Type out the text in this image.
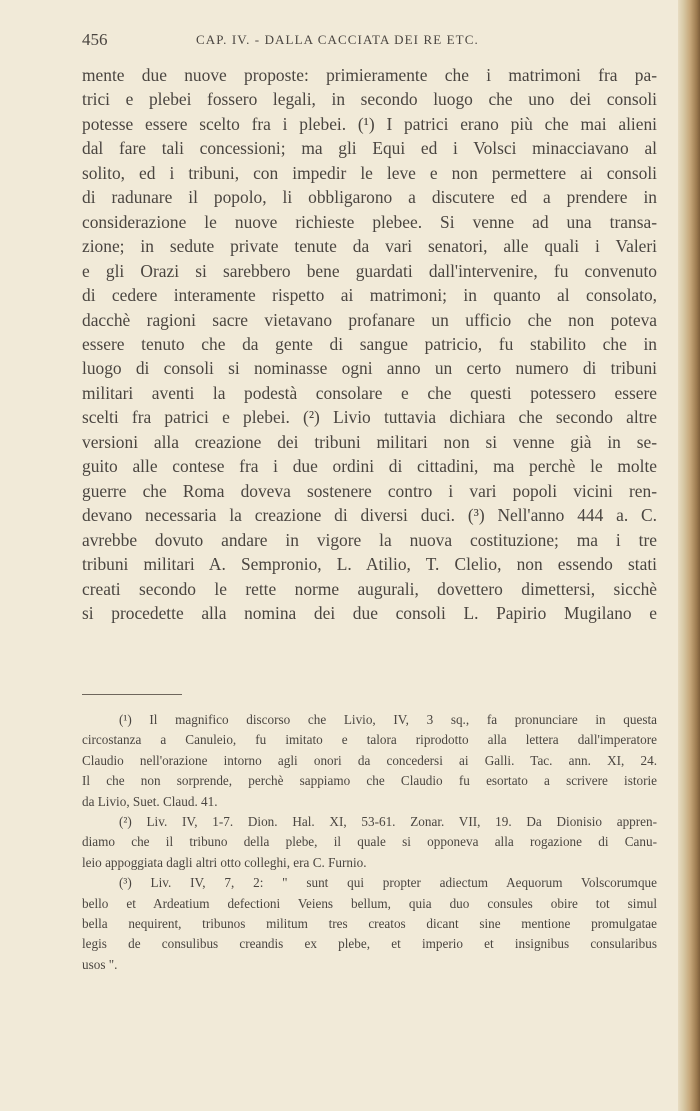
456	CAP. IV. - DALLA CACCIATA DEI RE ETC.
mente due nuove proposte: primieramente che i matrimoni fra pa-
trici e plebei fossero legali, in secondo luogo che uno dei consoli
potesse essere scelto fra i plebei. (¹) I patrici erano più che mai alieni
dal fare tali concessioni; ma gli Equi ed i Volsci minacciavano al
solito, ed i tribuni, con impedir le leve e non permettere ai consoli
di radunare il popolo, li obbligarono a discutere ed a prendere in
considerazione le nuove richieste plebee. Si venne ad una transa-
zione; in sedute private tenute da vari senatori, alle quali i Valeri
e gli Orazi si sarebbero bene guardati dall'intervenire, fu convenuto
di cedere interamente rispetto ai matrimoni; in quanto al consolato,
dacchè ragioni sacre vietavano profanare un ufficio che non poteva
essere tenuto che da gente di sangue patricio, fu stabilito che in
luogo di consoli si nominasse ogni anno un certo numero di tribuni
militari aventi la podestà consolare e che questi potessero essere
scelti fra patrici e plebei. (²) Livio tuttavia dichiara che secondo altre
versioni alla creazione dei tribuni militari non si venne già in se-
guito alle contese fra i due ordini di cittadini, ma perchè le molte
guerre che Roma doveva sostenere contro i vari popoli vicini ren-
devano necessaria la creazione di diversi duci. (³) Nell'anno 444 a. C.
avrebbe dovuto andare in vigore la nuova costituzione; ma i tre
tribuni militari A. Sempronio, L. Atilio, T. Clelio, non essendo stati
creati secondo le rette norme augurali, dovettero dimettersi, sicchè
si procedette alla nomina dei due consoli L. Papirio Mugilano e
(¹) Il magnifico discorso che Livio, IV, 3 sq., fa pronunciare in questa
circostanza a Canuleio, fu imitato e talora riprodotto alla lettera dall'imperatore
Claudio nell'orazione intorno agli onori da concedersi ai Galli. Tac. ann. XI, 24.
Il che non sorprende, perchè sappiamo che Claudio fu esortato a scrivere istorie
da Livio, Suet. Claud. 41.
(²) Liv. IV, 1-7. Dion. Hal. XI, 53-61. Zonar. VII, 19. Da Dionisio appren-
diamo che il tribuno della plebe, il quale si opponeva alla rogazione di Canu-
leio appoggiata dagli altri otto colleghi, era C. Furnio.
(³) Liv. IV, 7, 2: " sunt qui propter adiectum Aequorum Volscorumque
bello et Ardeatium defectioni Veiens bellum, quia duo consules obire tot simul
bella nequirent, tribunos militum tres creatos dicant sine mentione promulgatae
legis de consulibus creandis ex plebe, et imperio et insignibus consularibus
usos ".
